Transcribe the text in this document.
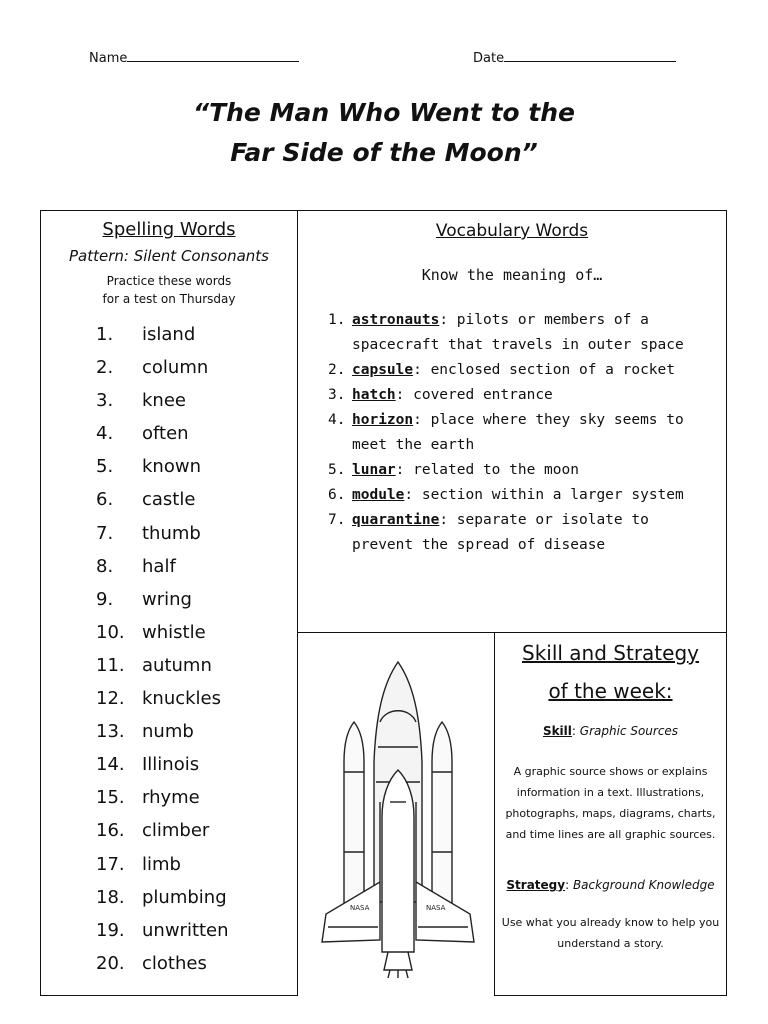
Name	Date
“The Man Who Went to the
Far Side of the Moon”
Spelling Words
Pattern: Silent Consonants
Practice these words
for a test on Thursday
1. island
2. column
3. knee
4. often
5. known
6. castle
7. thumb
8. half
9. wring
10. whistle
11. autumn
12. knuckles
13. numb
14. Illinois
15. rhyme
16. climber
17. limb
18. plumbing
19. unwritten
20. clothes
Vocabulary Words
Know the meaning of…
1. astronauts: pilots or members of a spacecraft that travels in outer space
2. capsule: enclosed section of a rocket
3. hatch: covered entrance
4. horizon: place where they sky seems to meet the earth
5. lunar: related to the moon
6. module: section within a larger system
7. quarantine: separate or isolate to prevent the spread of disease
NASA	NASA
Skill and Strategy
of the week:
Skill: Graphic Sources
A graphic source shows or explains information in a text. Illustrations, photographs, maps, diagrams, charts, and time lines are all graphic sources.
Strategy: Background Knowledge
Use what you already know to help you understand a story.
